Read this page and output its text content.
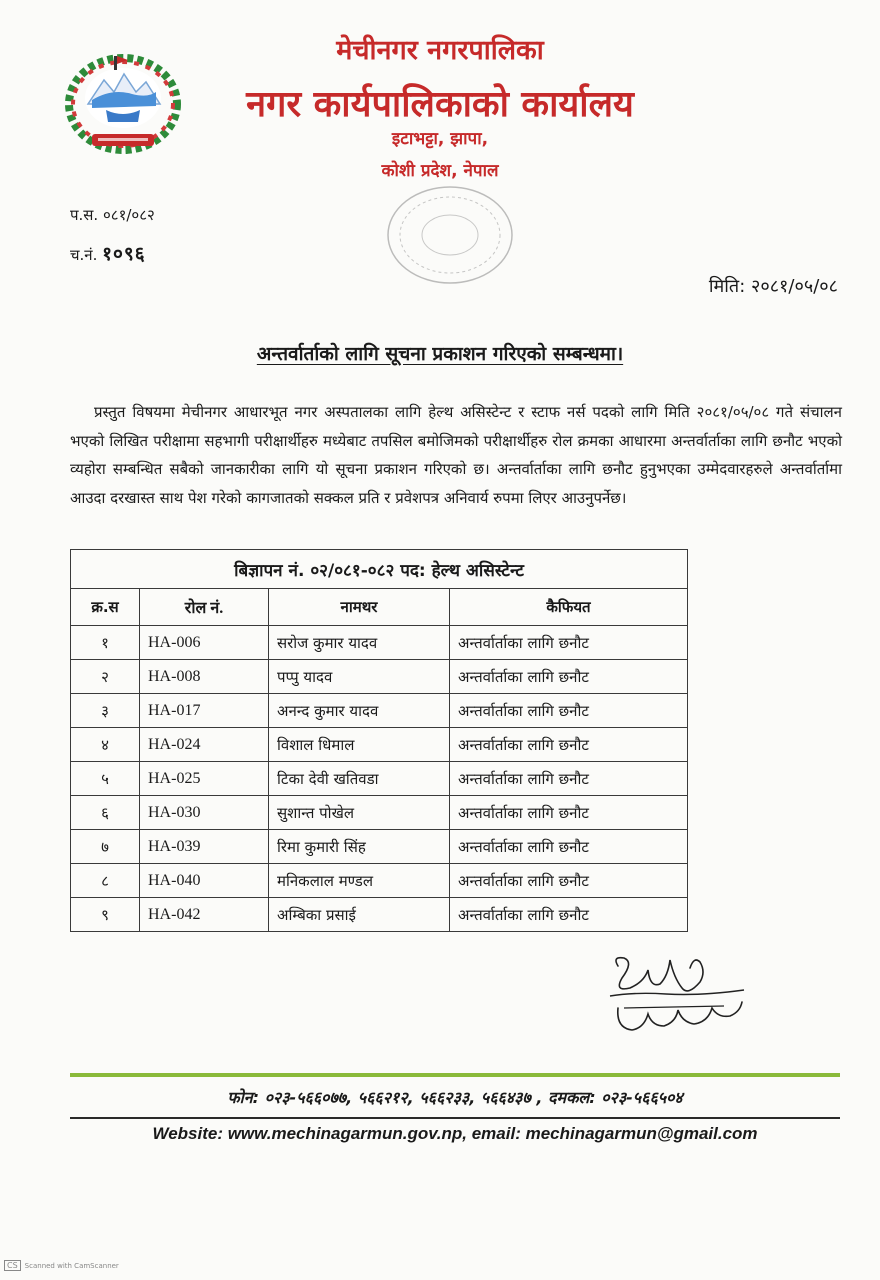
मेचीनगर नगरपालिका
नगर कार्यपालिकाको कार्यालय
इटाभट्टा, झापा,
कोशी प्रदेश, नेपाल
प.स. ०८१/०८२
च.नं. १०९६
मिति: २०८१/०५/०८
अन्तर्वार्ताको लागि सूचना प्रकाशन गरिएको सम्बन्धमा।
प्रस्तुत विषयमा मेचीनगर आधारभूत नगर अस्पतालका लागि हेल्थ असिस्टेन्ट र स्टाफ नर्स पदको लागि मिति २०८१/०५/०८ गते संचालन भएको लिखित परीक्षामा सहभागी परीक्षार्थीहरु मध्येबाट तपसिल बमोजिमको परीक्षार्थीहरु रोल क्रमका आधारमा अन्तर्वार्ताका लागि छनौट भएको व्यहोरा सम्बन्धित सबैको जानकारीका लागि यो सूचना प्रकाशन गरिएको छ। अन्तर्वार्ताका लागि छनौट हुनुभएका उम्मेदवारहरुले अन्तर्वार्तामा आउदा दरखास्त साथ पेश गरेको कागजातको सक्कल प्रति र प्रवेशपत्र अनिवार्य रुपमा लिएर आउनुपर्नेछ।
बिज्ञापन नं. ०२/०८१-०८२ पद: हेल्थ असिस्टेन्ट			
क्र.स	रोल नं.	नामथर	कैफियत
१	HA-006	सरोज कुमार यादव	अन्तर्वार्ताका लागि छनौट
२	HA-008	पप्पु यादव	अन्तर्वार्ताका लागि छनौट
३	HA-017	अनन्द कुमार यादव	अन्तर्वार्ताका लागि छनौट
४	HA-024	विशाल धिमाल	अन्तर्वार्ताका लागि छनौट
५	HA-025	टिका देवी खतिवडा	अन्तर्वार्ताका लागि छनौट
६	HA-030	सुशान्त पोखेल	अन्तर्वार्ताका लागि छनौट
७	HA-039	रिमा कुमारी सिंह	अन्तर्वार्ताका लागि छनौट
८	HA-040	मनिकलाल मण्डल	अन्तर्वार्ताका लागि छनौट
९	HA-042	अम्बिका प्रसाई	अन्तर्वार्ताका लागि छनौट
फोन: ०२३-५६६०७७, ५६६२१२, ५६६२३३, ५६६४३७ , दमकल: ०२३-५६६५०४
Website: www.mechinagarmun.gov.np, email: mechinagarmun@gmail.com
CS	Scanned with CamScanner
